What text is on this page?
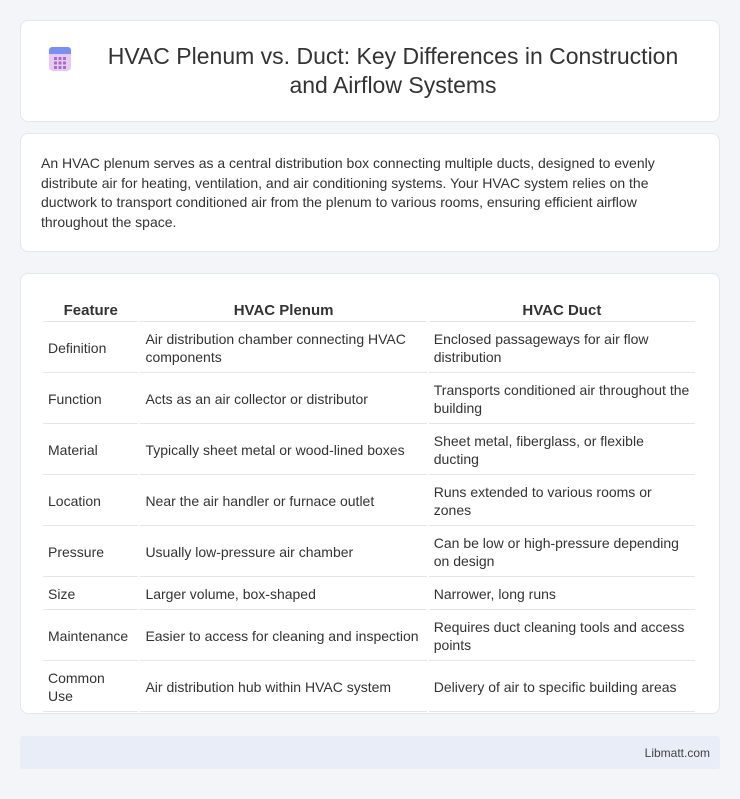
HVAC Plenum vs. Duct: Key Differences in Construction and Airflow Systems

An HVAC plenum serves as a central distribution box connecting multiple ducts, designed to evenly distribute air for heating, ventilation, and air conditioning systems. Your HVAC system relies on the ductwork to transport conditioned air from the plenum to various rooms, ensuring efficient airflow throughout the space.

Feature	HVAC Plenum	HVAC Duct
Definition	Air distribution chamber connecting HVAC components	Enclosed passageways for air flow distribution
Function	Acts as an air collector or distributor	Transports conditioned air throughout the building
Material	Typically sheet metal or wood-lined boxes	Sheet metal, fiberglass, or flexible ducting
Location	Near the air handler or furnace outlet	Runs extended to various rooms or zones
Pressure	Usually low-pressure air chamber	Can be low or high-pressure depending on design
Size	Larger volume, box-shaped	Narrower, long runs
Maintenance	Easier to access for cleaning and inspection	Requires duct cleaning tools and access points
Common Use	Air distribution hub within HVAC system	Delivery of air to specific building areas
Libmatt.com
